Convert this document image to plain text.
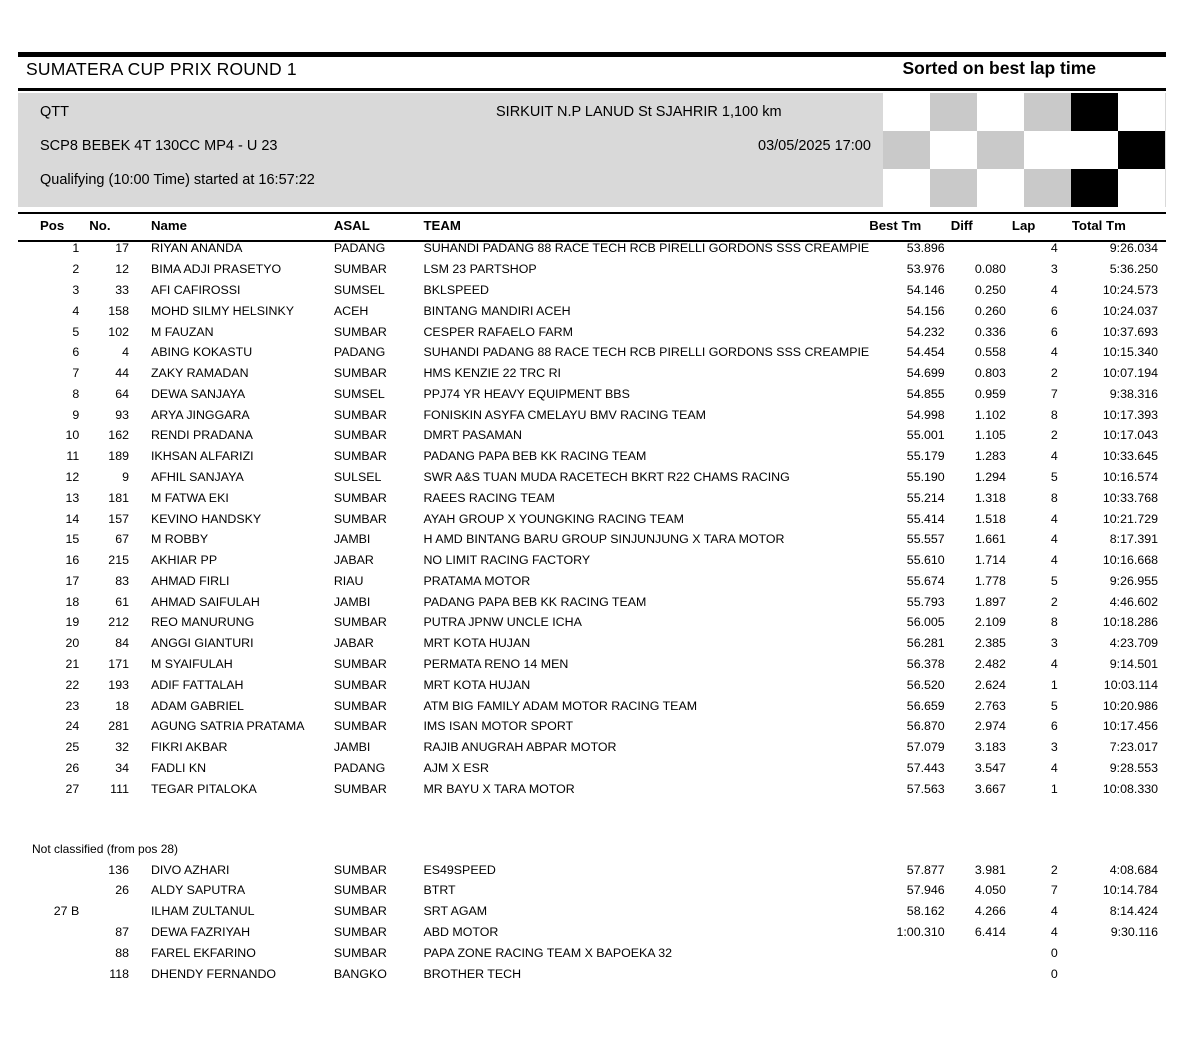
SUMATERA CUP PRIX ROUND 1	Sorted on best lap time
QTT
SCP8 BEBEK 4T 130CC MP4 - U 23
Qualifying (10:00 Time) started at 16:57:22
SIRKUIT N.P LANUD St SJAHRIR 1,100 km
03/05/2025 17:00
Pos	No.	Name	ASAL	TEAM	Best Tm	Diff	Lap	Total Tm
1	17	RIYAN ANANDA	PADANG	SUHANDI PADANG 88 RACE TECH RCB PIRELLI GORDONS SSS CREAMPIE	53.896		4	9:26.034
2	12	BIMA ADJI PRASETYO	SUMBAR	LSM 23 PARTSHOP	53.976	0.080	3	5:36.250
3	33	AFI CAFIROSSI	SUMSEL	BKLSPEED	54.146	0.250	4	10:24.573
4	158	MOHD SILMY HELSINKY	ACEH	BINTANG MANDIRI ACEH	54.156	0.260	6	10:24.037
5	102	M FAUZAN	SUMBAR	CESPER RAFAELO FARM	54.232	0.336	6	10:37.693
6	4	ABING KOKASTU	PADANG	SUHANDI PADANG 88 RACE TECH RCB PIRELLI GORDONS SSS CREAMPIE	54.454	0.558	4	10:15.340
7	44	ZAKY RAMADAN	SUMBAR	HMS KENZIE 22 TRC RI	54.699	0.803	2	10:07.194
8	64	DEWA SANJAYA	SUMSEL	PPJ74 YR HEAVY EQUIPMENT BBS	54.855	0.959	7	9:38.316
9	93	ARYA JINGGARA	SUMBAR	FONISKIN ASYFA CMELAYU BMV RACING TEAM	54.998	1.102	8	10:17.393
10	162	RENDI PRADANA	SUMBAR	DMRT PASAMAN	55.001	1.105	2	10:17.043
11	189	IKHSAN ALFARIZI	SUMBAR	PADANG PAPA BEB KK RACING TEAM	55.179	1.283	4	10:33.645
12	9	AFHIL SANJAYA	SULSEL	SWR A&S TUAN MUDA RACETECH BKRT R22 CHAMS RACING	55.190	1.294	5	10:16.574
13	181	M FATWA EKI	SUMBAR	RAEES RACING TEAM	55.214	1.318	8	10:33.768
14	157	KEVINO HANDSKY	SUMBAR	AYAH GROUP X YOUNGKING RACING TEAM	55.414	1.518	4	10:21.729
15	67	M ROBBY	JAMBI	H AMD BINTANG BARU GROUP SINJUNJUNG X TARA MOTOR	55.557	1.661	4	8:17.391
16	215	AKHIAR PP	JABAR	NO LIMIT RACING FACTORY	55.610	1.714	4	10:16.668
17	83	AHMAD FIRLI	RIAU	PRATAMA MOTOR	55.674	1.778	5	9:26.955
18	61	AHMAD SAIFULAH	JAMBI	PADANG PAPA BEB KK RACING TEAM	55.793	1.897	2	4:46.602
19	212	REO MANURUNG	SUMBAR	PUTRA JPNW UNCLE ICHA	56.005	2.109	8	10:18.286
20	84	ANGGI GIANTURI	JABAR	MRT KOTA HUJAN	56.281	2.385	3	4:23.709
21	171	M SYAIFULAH	SUMBAR	PERMATA RENO 14 MEN	56.378	2.482	4	9:14.501
22	193	ADIF FATTALAH	SUMBAR	MRT KOTA HUJAN	56.520	2.624	1	10:03.114
23	18	ADAM GABRIEL	SUMBAR	ATM BIG FAMILY ADAM MOTOR RACING TEAM	56.659	2.763	5	10:20.986
24	281	AGUNG SATRIA PRATAMA	SUMBAR	IMS ISAN MOTOR SPORT	56.870	2.974	6	10:17.456
25	32	FIKRI AKBAR	JAMBI	RAJIB ANUGRAH ABPAR MOTOR	57.079	3.183	3	7:23.017
26	34	FADLI KN	PADANG	AJM X ESR	57.443	3.547	4	9:28.553
27	111	TEGAR PITALOKA	SUMBAR	MR BAYU X TARA MOTOR	57.563	3.667	1	10:08.330

Not classified (from pos 28)								
	136	DIVO AZHARI	SUMBAR	ES49SPEED	57.877	3.981	2	4:08.684
	26	ALDY SAPUTRA	SUMBAR	BTRT	57.946	4.050	7	10:14.784
27 B		ILHAM ZULTANUL	SUMBAR	SRT AGAM	58.162	4.266	4	8:14.424
	87	DEWA FAZRIYAH	SUMBAR	ABD MOTOR	1:00.310	6.414	4	9:30.116
	88	FAREL EKFARINO	SUMBAR	PAPA ZONE RACING TEAM X BAPOEKA 32			0	
	118	DHENDY FERNANDO	BANGKO	BROTHER TECH			0	
